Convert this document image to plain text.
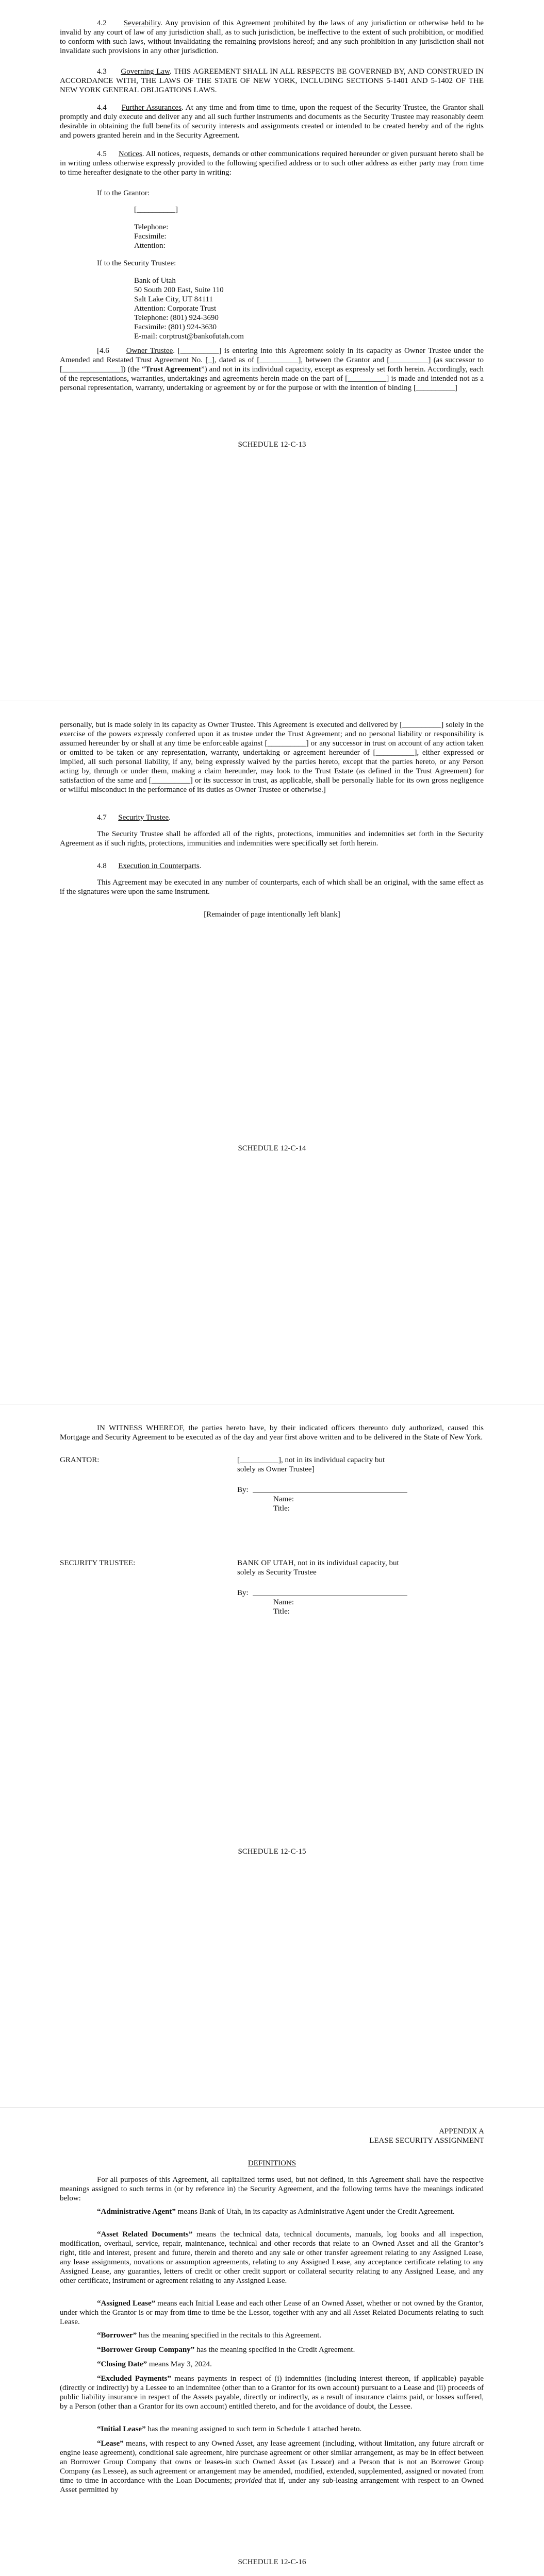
4.2 Severability. Any provision of this Agreement prohibited by the laws of any jurisdiction or otherwise held to be invalid by any court of law of any jurisdiction shall, as to such jurisdiction, be ineffective to the extent of such prohibition, or modified to conform with such laws, without invalidating the remaining provisions hereof; and any such prohibition in any jurisdiction shall not invalidate such provisions in any other jurisdiction.
4.3 Governing Law. THIS AGREEMENT SHALL IN ALL RESPECTS BE GOVERNED BY, AND CONSTRUED IN ACCORDANCE WITH, THE LAWS OF THE STATE OF NEW YORK, INCLUDING SECTIONS 5-1401 AND 5-1402 OF THE NEW YORK GENERAL OBLIGATIONS LAWS.
4.4 Further Assurances. At any time and from time to time, upon the request of the Security Trustee, the Grantor shall promptly and duly execute and deliver any and all such further instruments and documents as the Security Trustee may reasonably deem desirable in obtaining the full benefits of security interests and assignments created or intended to be created hereby and of the rights and powers granted herein and in the Security Agreement.
4.5 Notices. All notices, requests, demands or other communications required hereunder or given pursuant hereto shall be in writing unless otherwise expressly provided to the following specified address or to such other address as either party may from time to time hereafter designate to the other party in writing:
If to the Grantor:
[__________]
Telephone:
Facsimile:
Attention:
If to the Security Trustee:
Bank of Utah
50 South 200 East, Suite 110
Salt Lake City, UT 84111
Attention: Corporate Trust
Telephone: (801) 924-3690
Facsimile: (801) 924-3630
E-mail: corptrust@bankofutah.com
[4.6 Owner Trustee. [__________] is entering into this Agreement solely in its capacity as Owner Trustee under the Amended and Restated Trust Agreement No. [_], dated as of [__________], between the Grantor and [__________] (as successor to [_______________]) (the “Trust Agreement”) and not in its individual capacity, except as expressly set forth herein. Accordingly, each of the representations, warranties, undertakings and agreements herein made on the part of [__________] is made and intended not as a personal representation, warranty, undertaking or agreement by or for the purpose or with the intention of binding [__________]
SCHEDULE 12-C-13
personally, but is made solely in its capacity as Owner Trustee. This Agreement is executed and delivered by [__________] solely in the exercise of the powers expressly conferred upon it as trustee under the Trust Agreement; and no personal liability or responsibility is assumed hereunder by or shall at any time be enforceable against [__________] or any successor in trust on account of any action taken or omitted to be taken or any representation, warranty, undertaking or agreement hereunder of [__________], either expressed or implied, all such personal liability, if any, being expressly waived by the parties hereto, except that the parties hereto, or any Person acting by, through or under them, making a claim hereunder, may look to the Trust Estate (as defined in the Trust Agreement) for satisfaction of the same and [__________] or its successor in trust, as applicable, shall be personally liable for its own gross negligence or willful misconduct in the performance of its duties as Owner Trustee or otherwise.]
4.7 Security Trustee.
The Security Trustee shall be afforded all of the rights, protections, immunities and indemnities set forth in the Security Agreement as if such rights, protections, immunities and indemnities were specifically set forth herein.
4.8 Execution in Counterparts.
This Agreement may be executed in any number of counterparts, each of which shall be an original, with the same effect as if the signatures were upon the same instrument.
[Remainder of page intentionally left blank]
SCHEDULE 12-C-14
IN WITNESS WHEREOF, the parties hereto have, by their indicated officers thereunto duly authorized, caused this Mortgage and Security Agreement to be executed as of the day and year first above written and to be delivered in the State of New York.
GRANTOR:	[__________], not in its individual capacity but solely as Owner Trustee]
By:
Name:
Title:
SECURITY TRUSTEE:	BANK OF UTAH, not in its individual capacity, but solely as Security Trustee
By:
Name:
Title:
SCHEDULE 12-C-15
APPENDIX A
LEASE SECURITY ASSIGNMENT
DEFINITIONS
For all purposes of this Agreement, all capitalized terms used, but not defined, in this Agreement shall have the respective meanings assigned to such terms in (or by reference in) the Security Agreement, and the following terms have the meanings indicated below:
“Administrative Agent” means Bank of Utah, in its capacity as Administrative Agent under the Credit Agreement.
“Asset Related Documents” means the technical data, technical documents, manuals, log books and all inspection, modification, overhaul, service, repair, maintenance, technical and other records that relate to an Owned Asset and all the Grantor’s right, title and interest, present and future, therein and thereto and any sale or other transfer agreement relating to any Assigned Lease, any lease assignments, novations or assumption agreements, relating to any Assigned Lease, any acceptance certificate relating to any Assigned Lease, any guaranties, letters of credit or other credit support or collateral security relating to any Assigned Lease, and any other certificate, instrument or agreement relating to any Assigned Lease.
“Assigned Lease” means each Initial Lease and each other Lease of an Owned Asset, whether or not owned by the Grantor, under which the Grantor is or may from time to time be the Lessor, together with any and all Asset Related Documents relating to such Lease.
“Borrower” has the meaning specified in the recitals to this Agreement.
“Borrower Group Company” has the meaning specified in the Credit Agreement.
“Closing Date” means May 3, 2024.
“Excluded Payments” means payments in respect of (i) indemnities (including interest thereon, if applicable) payable (directly or indirectly) by a Lessee to an indemnitee (other than to a Grantor for its own account) pursuant to a Lease and (ii) proceeds of public liability insurance in respect of the Assets payable, directly or indirectly, as a result of insurance claims paid, or losses suffered, by a Person (other than a Grantor for its own account) entitled thereto, and for the avoidance of doubt, the Lessee.
“Initial Lease” has the meaning assigned to such term in Schedule 1 attached hereto.
“Lease” means, with respect to any Owned Asset, any lease agreement (including, without limitation, any future aircraft or engine lease agreement), conditional sale agreement, hire purchase agreement or other similar arrangement, as may be in effect between an Borrower Group Company that owns or leases-in such Owned Asset (as Lessor) and a Person that is not an Borrower Group Company (as Lessee), as such agreement or arrangement may be amended, modified, extended, supplemented, assigned or novated from time to time in accordance with the Loan Documents; provided that if, under any sub-leasing arrangement with respect to an Owned Asset permitted by
SCHEDULE 12-C-16
